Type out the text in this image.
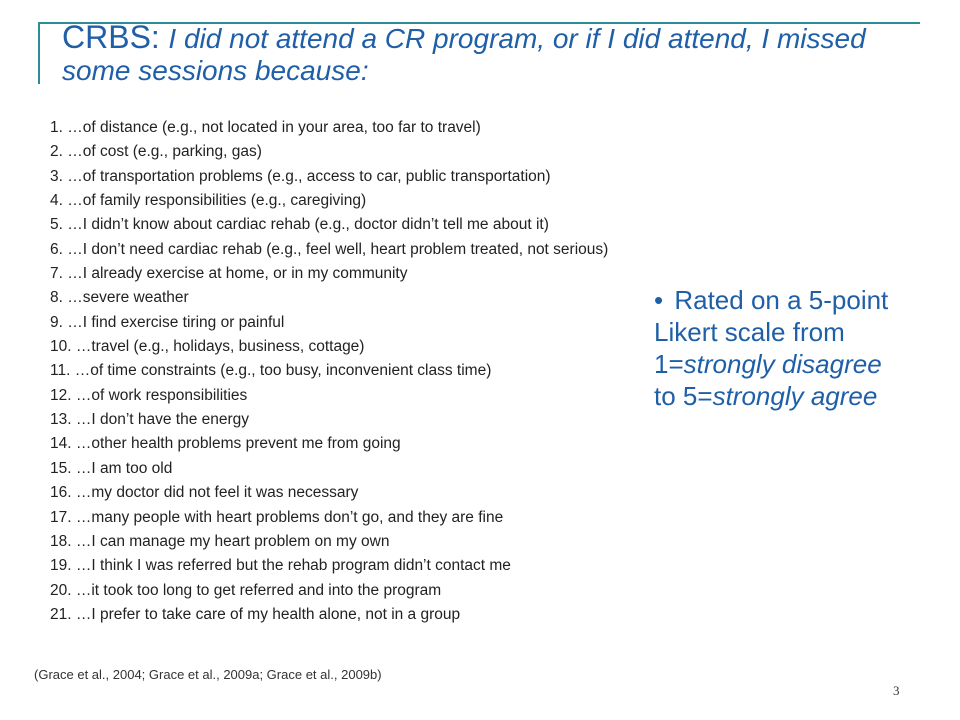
CRBS: I did not attend a CR program, or if I did attend, I missed some sessions because:
1. …of distance (e.g., not located in your area, too far to travel)
2. …of cost (e.g., parking, gas)
3. …of transportation problems (e.g., access to car, public transportation)
4. …of family responsibilities (e.g., caregiving)
5. …I didn’t know about cardiac rehab (e.g., doctor didn’t tell me about it)
6. …I don’t need cardiac rehab (e.g., feel well, heart problem treated, not serious)
7. …I already exercise at home, or in my community
8. …severe weather
9. …I find exercise tiring or painful
10. …travel (e.g., holidays, business, cottage)
11. …of time constraints (e.g., too busy, inconvenient class time)
12. …of work responsibilities
13. …I don’t have the energy
14. …other health problems prevent me from going
15. …I am too old
16. …my doctor did not feel it was necessary
17. …many people with heart problems don’t go, and they are fine
18. …I can manage my heart problem on my own
19. …I think I was referred but the rehab program didn’t contact me
20. …it took too long to get referred and into the program
21. …I prefer to take care of my health alone, not in a group
• Rated on a 5-point Likert scale from 1=strongly disagree to 5=strongly agree
(Grace et al., 2004; Grace et al., 2009a; Grace et al., 2009b)
3
